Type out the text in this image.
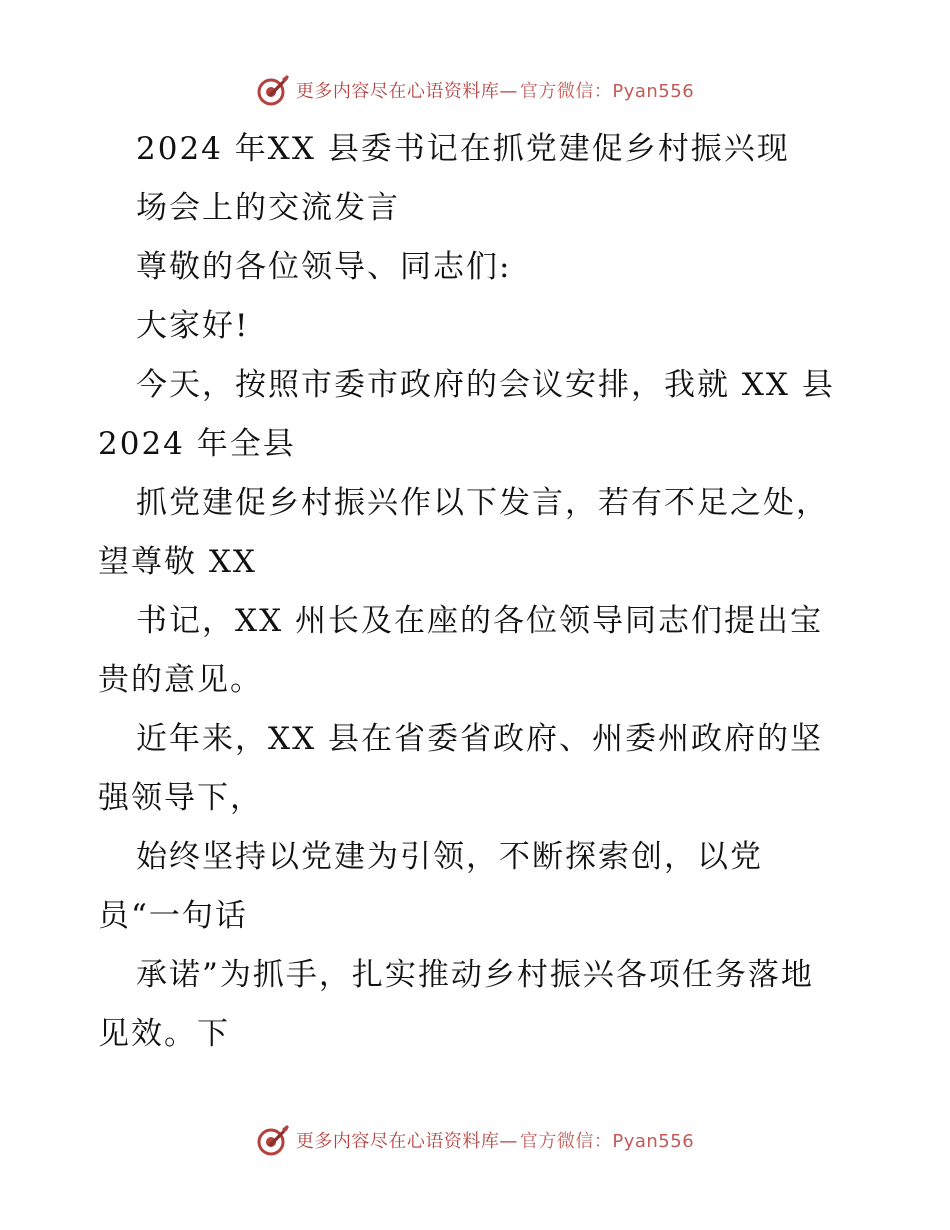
更多内容尽在心语资料库— 官方微信：Pyan556
2024 年XX 县委书记在抓党建促乡村振兴现
场会上的交流发言
尊敬的各位领导、同志们:
大家好!
今天，按照市委市政府的会议安排，我就 XX 县
2024 年全县
抓党建促乡村振兴作以下发言，若有不足之处，
望尊敬 XX
书记，XX 州长及在座的各位领导同志们提出宝
贵的意见。
近年来，XX 县在省委省政府、州委州政府的坚
强领导下，
始终坚持以党建为引领，不断探索创，以党
员“一句话
承诺”为抓手，扎实推动乡村振兴各项任务落地
见效。下
更多内容尽在心语资料库— 官方微信：Pyan556
